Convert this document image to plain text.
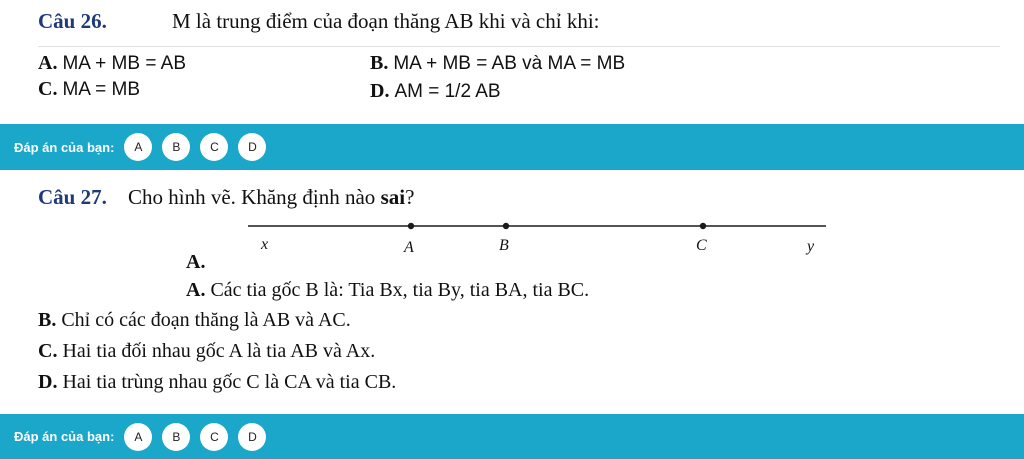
Câu 26.	M là trung điểm của đoạn thăng AB khi và chỉ khi:
A. MA + MB = AB	B. MA + MB = AB và MA = MB
C. MA = MB	D. AM = 1/2 AB
Đáp án của bạn:	A	B	C	D
Câu 27. Cho hình vẽ. Khăng định nào sai?
x	A	B	C	y
A.
A. Các tia gốc B là: Tia Bx, tia By, tia BA, tia BC.
B. Chỉ có các đoạn thăng là AB và AC.
C. Hai tia đối nhau gốc A là tia AB và Ax.
D. Hai tia trùng nhau gốc C là CA và tia CB.
Đáp án của bạn:	A	B	C	D
